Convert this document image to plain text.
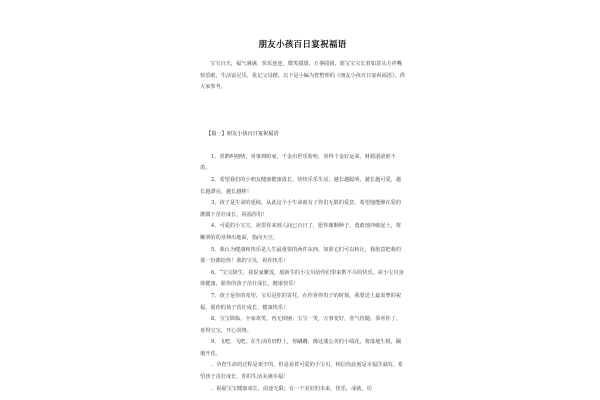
朋友小孩百日宴祝福语

宝宝百天，福气满满，快乐连连，微笑甜甜，万事圆圆，愿宝宝宝长着如意头方祥嘴快乐眼，生活富足乐，犹记父母踏。以下是小编为您整理的《朋友小孩百日宴祝福语》，供大家参考。

【篇一】朋友小孩百日宴祝福语

1、喜鹊叫喳喳，喜事到咱家，千金出世乐哈哈，喜得千金好运来，财源滚滚谁不羡。

2、希望我们的小朋友健康健康成长，快快乐乐生活，越长越聪明，越长越可爱，越长越漂亮，越长越棒！

3、孩子是生命的延续，从此这个小生命就有了你们无限的爱意，希望他能够在爱的灌溉下茁壮成长，祝福你们！

4、可爱的小宝宝，祝贺你来到人间已百日了，愿你像颗种子，勇敢地冲破泥土，将嫩翠的幼芽伸出地面，指向天空。

5、我认为健康和快乐是人生最重要的两件东西，如果它们可以转让，我愿意把我的那一份都给你！我的宝贝，祝你快乐！

6、“宝宝降生，我说家繁茂，愿新生的小宝贝给你们带来数不尽的快乐，祝小宝贝身体健康，愿你的孩子茁壮成长，健康快乐！

7、孩子是你的希望，宝贝是你的寄托，在你喜得贵子的时刻，我要送上最衷挚的祝福，愿你的孩子茁壮成长、健康快乐！

8、宝宝降临，全家欢笑，再无烦恼；宝宝一笑，万事变好，喜气侍随。恭喜你了，喜得宝宝，开心常绕。

9、飞吧，飞吧，在生活的田野上，你蹒跚，像这蒲公英的小绒花，将落地生根，蹦地开花。

、孕育生命的过程是艰辛的，但是看着可爱的小宝贝，相信你此刻是幸福洋溢的。希望孩子茁壮成长，你的生活美满幸福！

、祝福宝宝健康成长，前途无限；有一个美好的未来，快乐，成就，功
